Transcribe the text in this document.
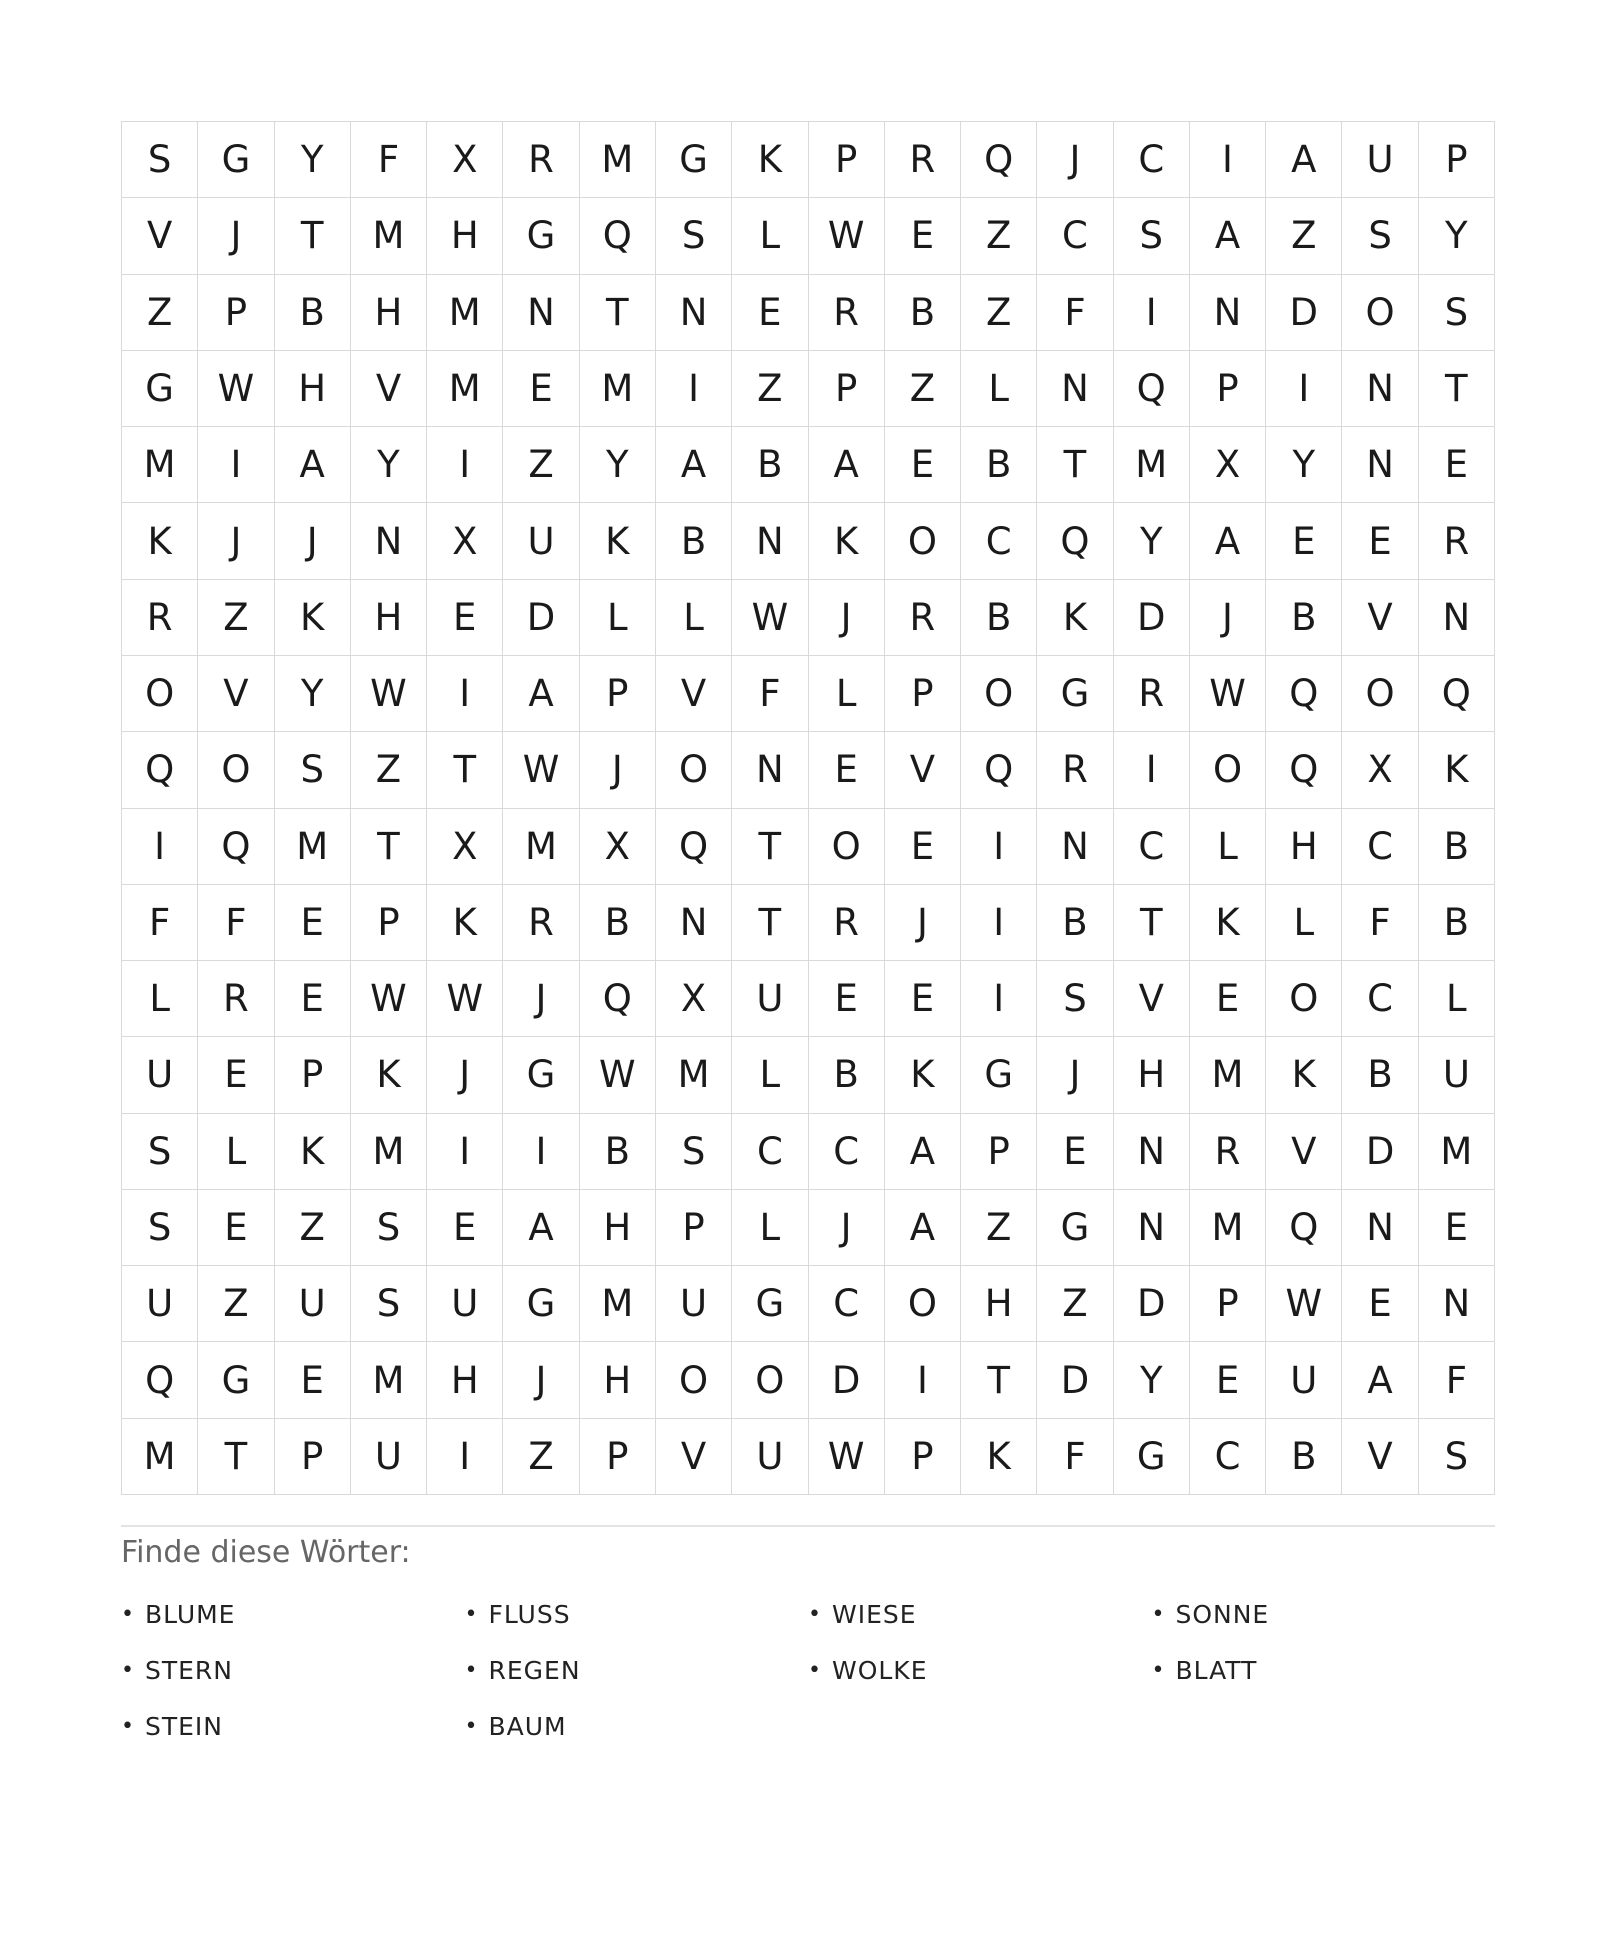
S	G	Y	F	X	R	M	G	K	P	R	Q	J	C	I	A	U	P
V	J	T	M	H	G	Q	S	L	W	E	Z	C	S	A	Z	S	Y
Z	P	B	H	M	N	T	N	E	R	B	Z	F	I	N	D	O	S
G	W	H	V	M	E	M	I	Z	P	Z	L	N	Q	P	I	N	T
M	I	A	Y	I	Z	Y	A	B	A	E	B	T	M	X	Y	N	E
K	J	J	N	X	U	K	B	N	K	O	C	Q	Y	A	E	E	R
R	Z	K	H	E	D	L	L	W	J	R	B	K	D	J	B	V	N
O	V	Y	W	I	A	P	V	F	L	P	O	G	R	W	Q	O	Q
Q	O	S	Z	T	W	J	O	N	E	V	Q	R	I	O	Q	X	K
I	Q	M	T	X	M	X	Q	T	O	E	I	N	C	L	H	C	B
F	F	E	P	K	R	B	N	T	R	J	I	B	T	K	L	F	B
L	R	E	W	W	J	Q	X	U	E	E	I	S	V	E	O	C	L
U	E	P	K	J	G	W	M	L	B	K	G	J	H	M	K	B	U
S	L	K	M	I	I	B	S	C	C	A	P	E	N	R	V	D	M
S	E	Z	S	E	A	H	P	L	J	A	Z	G	N	M	Q	N	E
U	Z	U	S	U	G	M	U	G	C	O	H	Z	D	P	W	E	N
Q	G	E	M	H	J	H	O	O	D	I	T	D	Y	E	U	A	F
M	T	P	U	I	Z	P	V	U	W	P	K	F	G	C	B	V	S
Finde diese Wörter:
• BLUME	• FLUSS	• WIESE	• SONNE
• STERN	• REGEN	• WOLKE	• BLATT
• STEIN	• BAUM
